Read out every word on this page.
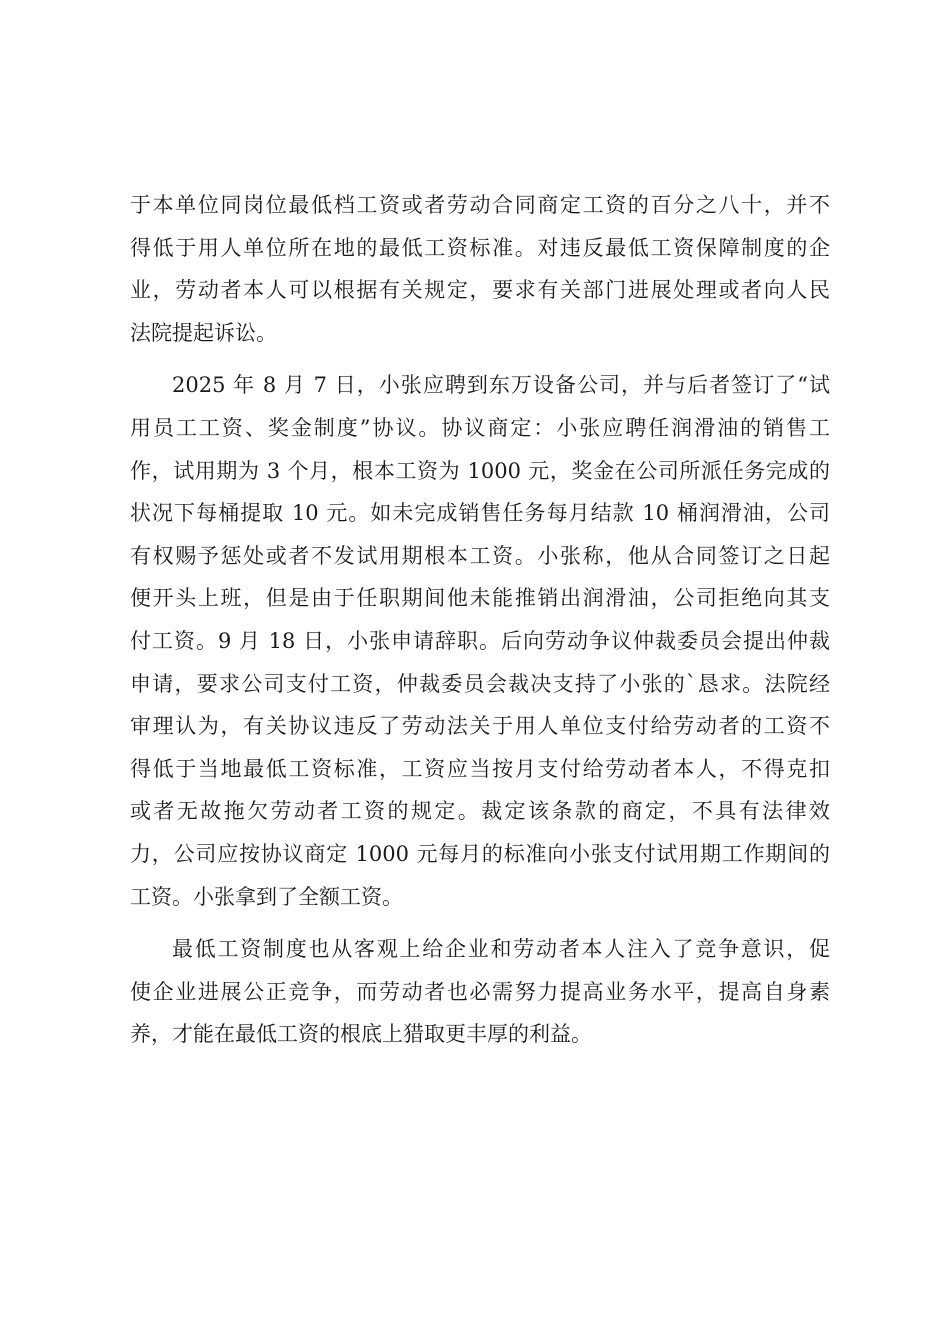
于本单位同岗位最低档工资或者劳动合同商定工资的百分之八十，并不
得低于用人单位所在地的最低工资标准。对违反最低工资保障制度的企
业，劳动者本人可以根据有关规定，要求有关部门进展处理或者向人民
法院提起诉讼。
2025 年 8 月 7 日，小张应聘到东万设备公司，并与后者签订了“试
用员工工资、奖金制度”协议。协议商定：小张应聘任润滑油的销售工
作，试用期为 3 个月，根本工资为 1000 元，奖金在公司所派任务完成的
状况下每桶提取 10 元。如未完成销售任务每月结款 10 桶润滑油，公司
有权赐予惩处或者不发试用期根本工资。小张称，他从合同签订之日起
便开头上班，但是由于任职期间他未能推销出润滑油，公司拒绝向其支
付工资。9 月 18 日，小张申请辞职。后向劳动争议仲裁委员会提出仲裁
申请，要求公司支付工资，仲裁委员会裁决支持了小张的`恳求。法院经
审理认为，有关协议违反了劳动法关于用人单位支付给劳动者的工资不
得低于当地最低工资标准，工资应当按月支付给劳动者本人，不得克扣
或者无故拖欠劳动者工资的规定。裁定该条款的商定，不具有法律效
力，公司应按协议商定 1000 元每月的标准向小张支付试用期工作期间的
工资。小张拿到了全额工资。
最低工资制度也从客观上给企业和劳动者本人注入了竞争意识，促
使企业进展公正竞争，而劳动者也必需努力提高业务水平，提高自身素
养，才能在最低工资的根底上猎取更丰厚的利益。
